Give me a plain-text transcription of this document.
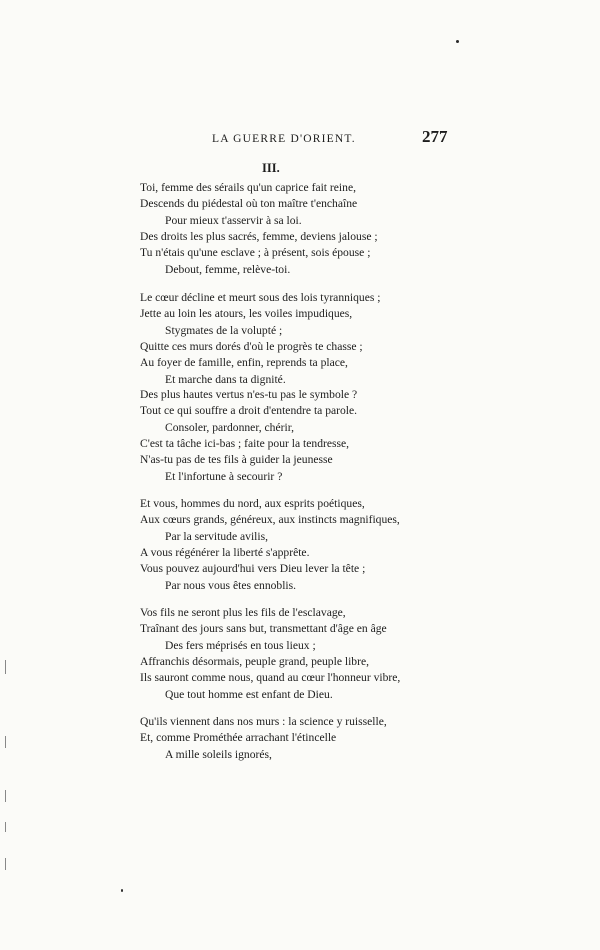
LA GUERRE D'ORIENT.	277
III.
Toi, femme des sérails qu'un caprice fait reine,
Descends du piédestal où ton maître t'enchaîne
Pour mieux t'asservir à sa loi.
Des droits les plus sacrés, femme, deviens jalouse ;
Tu n'étais qu'une esclave ; à présent, sois épouse ;
Debout, femme, relève-toi.
Le cœur décline et meurt sous des lois tyranniques ;
Jette au loin les atours, les voiles impudiques,
Stygmates de la volupté ;
Quitte ces murs dorés d'où le progrès te chasse ;
Au foyer de famille, enfin, reprends ta place,
Et marche dans ta dignité.
Des plus hautes vertus n'es-tu pas le symbole ?
Tout ce qui souffre a droit d'entendre ta parole.
Consoler, pardonner, chérir,
C'est ta tâche ici-bas ; faite pour la tendresse,
N'as-tu pas de tes fils à guider la jeunesse
Et l'infortune à secourir ?
Et vous, hommes du nord, aux esprits poétiques,
Aux cœurs grands, généreux, aux instincts magnifiques,
Par la servitude avilis,
A vous régénérer la liberté s'apprête.
Vous pouvez aujourd'hui vers Dieu lever la tête ;
Par nous vous êtes ennoblis.
Vos fils ne seront plus les fils de l'esclavage,
Traînant des jours sans but, transmettant d'âge en âge
Des fers méprisés en tous lieux ;
Affranchis désormais, peuple grand, peuple libre,
Ils sauront comme nous, quand au cœur l'honneur vibre,
Que tout homme est enfant de Dieu.
Qu'ils viennent dans nos murs : la science y ruisselle,
Et, comme Prométhée arrachant l'étincelle
A mille soleils ignorés,
